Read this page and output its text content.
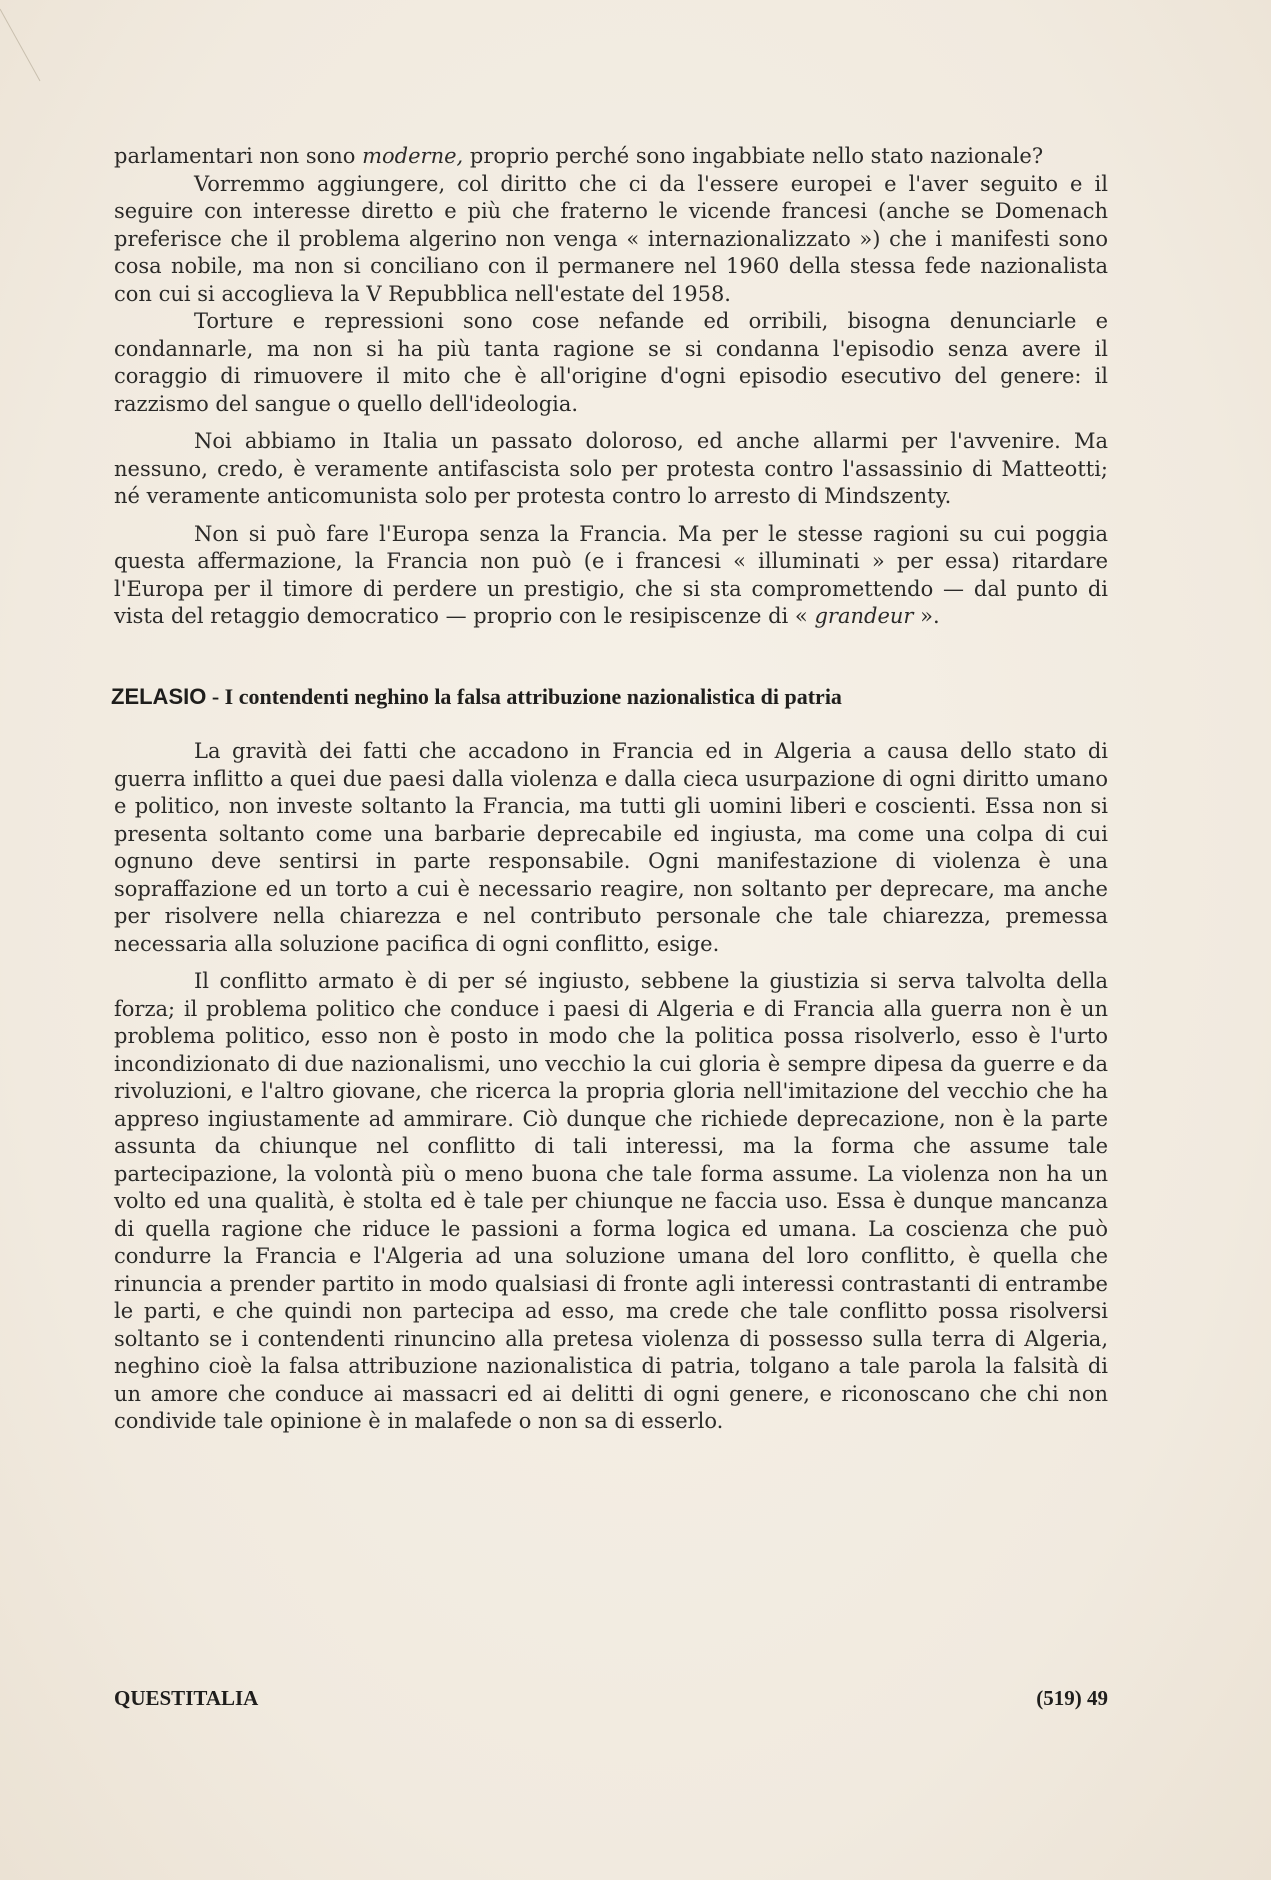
parlamentari non sono moderne, proprio perché sono ingabbiate nello stato nazionale?

Vorremmo aggiungere, col diritto che ci da l'essere europei e l'aver seguito e il seguire con interesse diretto e più che fraterno le vicende francesi (anche se Domenach preferisce che il problema algerino non venga « internazionalizzato ») che i manifesti sono cosa nobile, ma non si conciliano con il permanere nel 1960 della stessa fede nazionalista con cui si accoglieva la V Repubblica nell'estate del 1958.

Torture e repressioni sono cose nefande ed orribili, bisogna denunciarle e condannarle, ma non si ha più tanta ragione se si condanna l'episodio senza avere il coraggio di rimuovere il mito che è all'origine d'ogni episodio esecutivo del genere: il razzismo del sangue o quello dell'ideologia.

Noi abbiamo in Italia un passato doloroso, ed anche allarmi per l'avvenire. Ma nessuno, credo, è veramente antifascista solo per protesta contro l'assassinio di Matteotti; né veramente anticomunista solo per protesta contro lo arresto di Mindszenty.

Non si può fare l'Europa senza la Francia. Ma per le stesse ragioni su cui poggia questa affermazione, la Francia non può (e i francesi « illuminati » per essa) ritardare l'Europa per il timore di perdere un prestigio, che si sta compromettendo — dal punto di vista del retaggio democratico — proprio con le resipiscenze di « grandeur ».

ZELASIO - I contendenti neghino la falsa attribuzione nazionalistica di patria

La gravità dei fatti che accadono in Francia ed in Algeria a causa dello stato di guerra inflitto a quei due paesi dalla violenza e dalla cieca usurpazione di ogni diritto umano e politico, non investe soltanto la Francia, ma tutti gli uomini liberi e coscienti. Essa non si presenta soltanto come una barbarie deprecabile ed ingiusta, ma come una colpa di cui ognuno deve sentirsi in parte responsabile. Ogni manifestazione di violenza è una sopraffazione ed un torto a cui è necessario reagire, non soltanto per deprecare, ma anche per risolvere nella chiarezza e nel contributo personale che tale chiarezza, premessa necessaria alla soluzione pacifica di ogni conflitto, esige.

Il conflitto armato è di per sé ingiusto, sebbene la giustizia si serva talvolta della forza; il problema politico che conduce i paesi di Algeria e di Francia alla guerra non è un problema politico, esso non è posto in modo che la politica possa risolverlo, esso è l'urto incondizionato di due nazionalismi, uno vecchio la cui gloria è sempre dipesa da guerre e da rivoluzioni, e l'altro giovane, che ricerca la propria gloria nell'imitazione del vecchio che ha appreso ingiustamente ad ammirare. Ciò dunque che richiede deprecazione, non è la parte assunta da chiunque nel conflitto di tali interessi, ma la forma che assume tale partecipazione, la volontà più o meno buona che tale forma assume. La violenza non ha un volto ed una qualità, è stolta ed è tale per chiunque ne faccia uso. Essa è dunque mancanza di quella ragione che riduce le passioni a forma logica ed umana. La coscienza che può condurre la Francia e l'Algeria ad una soluzione umana del loro conflitto, è quella che rinuncia a prender partito in modo qualsiasi di fronte agli interessi contrastanti di entrambe le parti, e che quindi non partecipa ad esso, ma crede che tale conflitto possa risolversi soltanto se i contendenti rinuncino alla pretesa violenza di possesso sulla terra di Algeria, neghino cioè la falsa attribuzione nazionalistica di patria, tolgano a tale parola la falsità di un amore che conduce ai massacri ed ai delitti di ogni genere, e riconoscano che chi non condivide tale opinione è in malafede o non sa di esserlo.

QUESTITALIA	(519) 49
